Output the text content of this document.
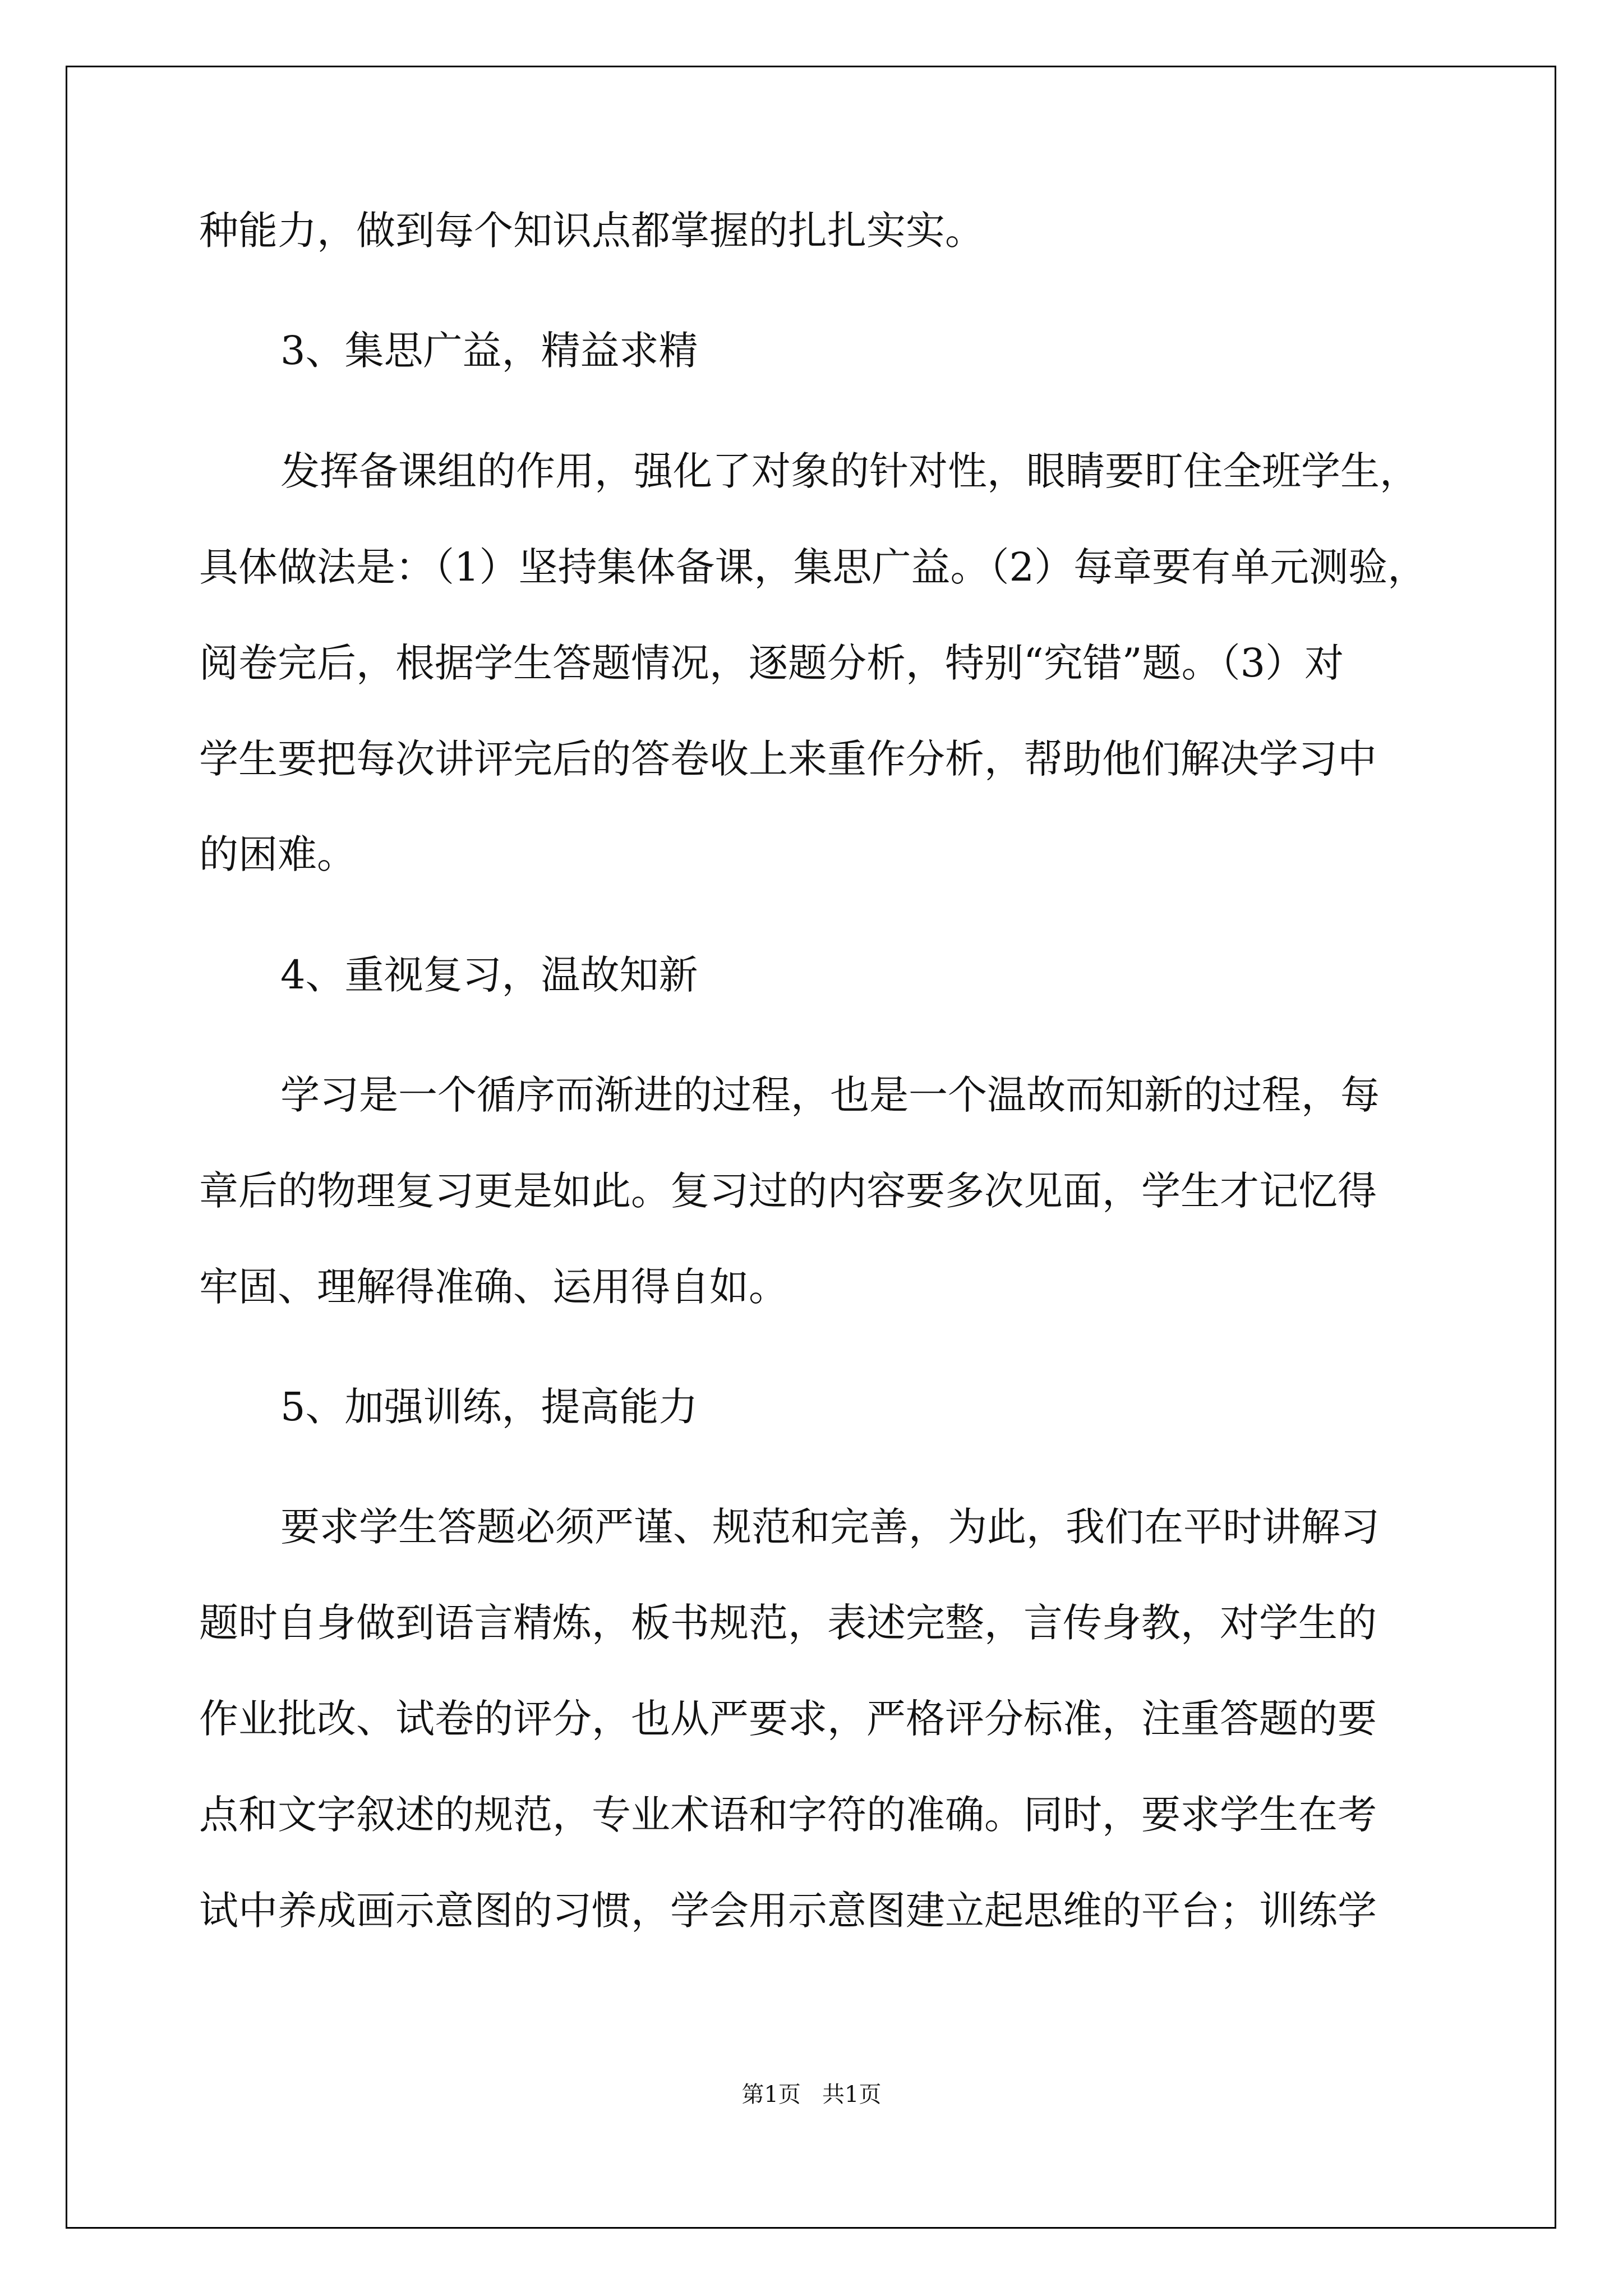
种能力，做到每个知识点都掌握的扎扎实实。
3、集思广益，精益求精
发挥备课组的作用，强化了对象的针对性，眼睛要盯住全班学生，
具体做法是：（1）坚持集体备课，集思广益。（2）每章要有单元测验，
阅卷完后，根据学生答题情况，逐题分析，特别“究错”题。（3）对
学生要把每次讲评完后的答卷收上来重作分析，帮助他们解决学习中
的困难。
4、重视复习，温故知新
学习是一个循序而渐进的过程，也是一个温故而知新的过程，每
章后的物理复习更是如此。复习过的内容要多次见面，学生才记忆得
牢固、理解得准确、运用得自如。
5、加强训练，提高能力
要求学生答题必须严谨、规范和完善，为此，我们在平时讲解习
题时自身做到语言精炼，板书规范，表述完整，言传身教，对学生的
作业批改、试卷的评分，也从严要求，严格评分标准，注重答题的要
点和文字叙述的规范，专业术语和字符的准确。同时，要求学生在考
试中养成画示意图的习惯，学会用示意图建立起思维的平台；训练学
第1页   共1页
